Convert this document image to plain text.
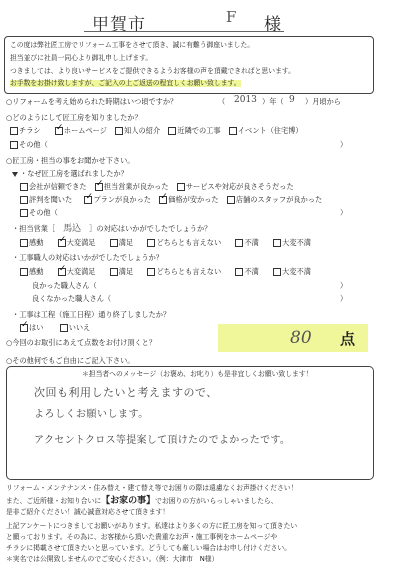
甲賀市	F 様
この度は弊社匠工房でリフォーム工事をさせて頂き、誠に有難う御座いました。
担当並びに社員一同心より御礼申し上げます。
つきましては、より良いサービスをご提供できるようお客様の声を頂戴できればと思います。
お手数をお掛け致しますが、ご記入の上ご返送の程宜しくお願い致します。
○リフォームを考え始められた時期はいつ頃ですか？	（ 2013 ）年（ 9 ）月頃から
○どのようにして匠工房を知りましたか？
チラシ ✓	ホームページ 知人の紹介 近隣での工事 イベント（住宅博）
その他（	）
○匠工房・担当の事をお聞かせ下さい。
・なぜ匠工房を選ばれましたか？
会社が信頼できた ✓ 担当営業が良かった サービスや対応が良さそうだった
評判を聞いた ✓	プランが良かった ✓ 価格が安かった 店舗のスタッフが良かった
その他（	）
・担当営業［ 馬込 ］の対応はいかがでしたでしょうか？
感動 ✓	大変満足	満足	どちらとも言えない	不満	大変不満
・工事職人の対応はいかがでしたでしょうか？
感動 ✓	大変満足	満足	どちらとも言えない	不満	大変不満
良かった職人さん（	）
良くなかった職人さん（	）
・工事は工程（施工日程）通り終了しましたか？
✓はい	いいえ
○今回のお取引にあえて点数をお付け頂くと？	80 点
○その他何でもご自由にご記入下さい。
＊担当者へのメッセージ（お褒め、お叱り）も是非宜しくお願い致します！
次回も利用したいと考えますので、
よろしくお願いします。
アクセントクロス等提案して頂けたのでよかったです。
リフォーム・メンテナンス・住み替え・建て替え等でお困りの際は遠慮なくお声掛けください！
また、ご近所様・お知り合いに【お家の事】でお困りの方がいらっしゃいましたら、
是非ご紹介ください！誠心誠意対応させて頂きます！
上記アンケートにつきましてお願いがあります。私達はより多くの方に匠工房を知って頂きたい
と願っております。その為に、お客様から頂いた貴重なお声・施工事例をホームページや
チラシに掲載させて頂きたいと思っています。どうしても厳しい場合はお申し付けください。
＊実名では公開致しませんのでご安心ください。（例：大津市　N様）
